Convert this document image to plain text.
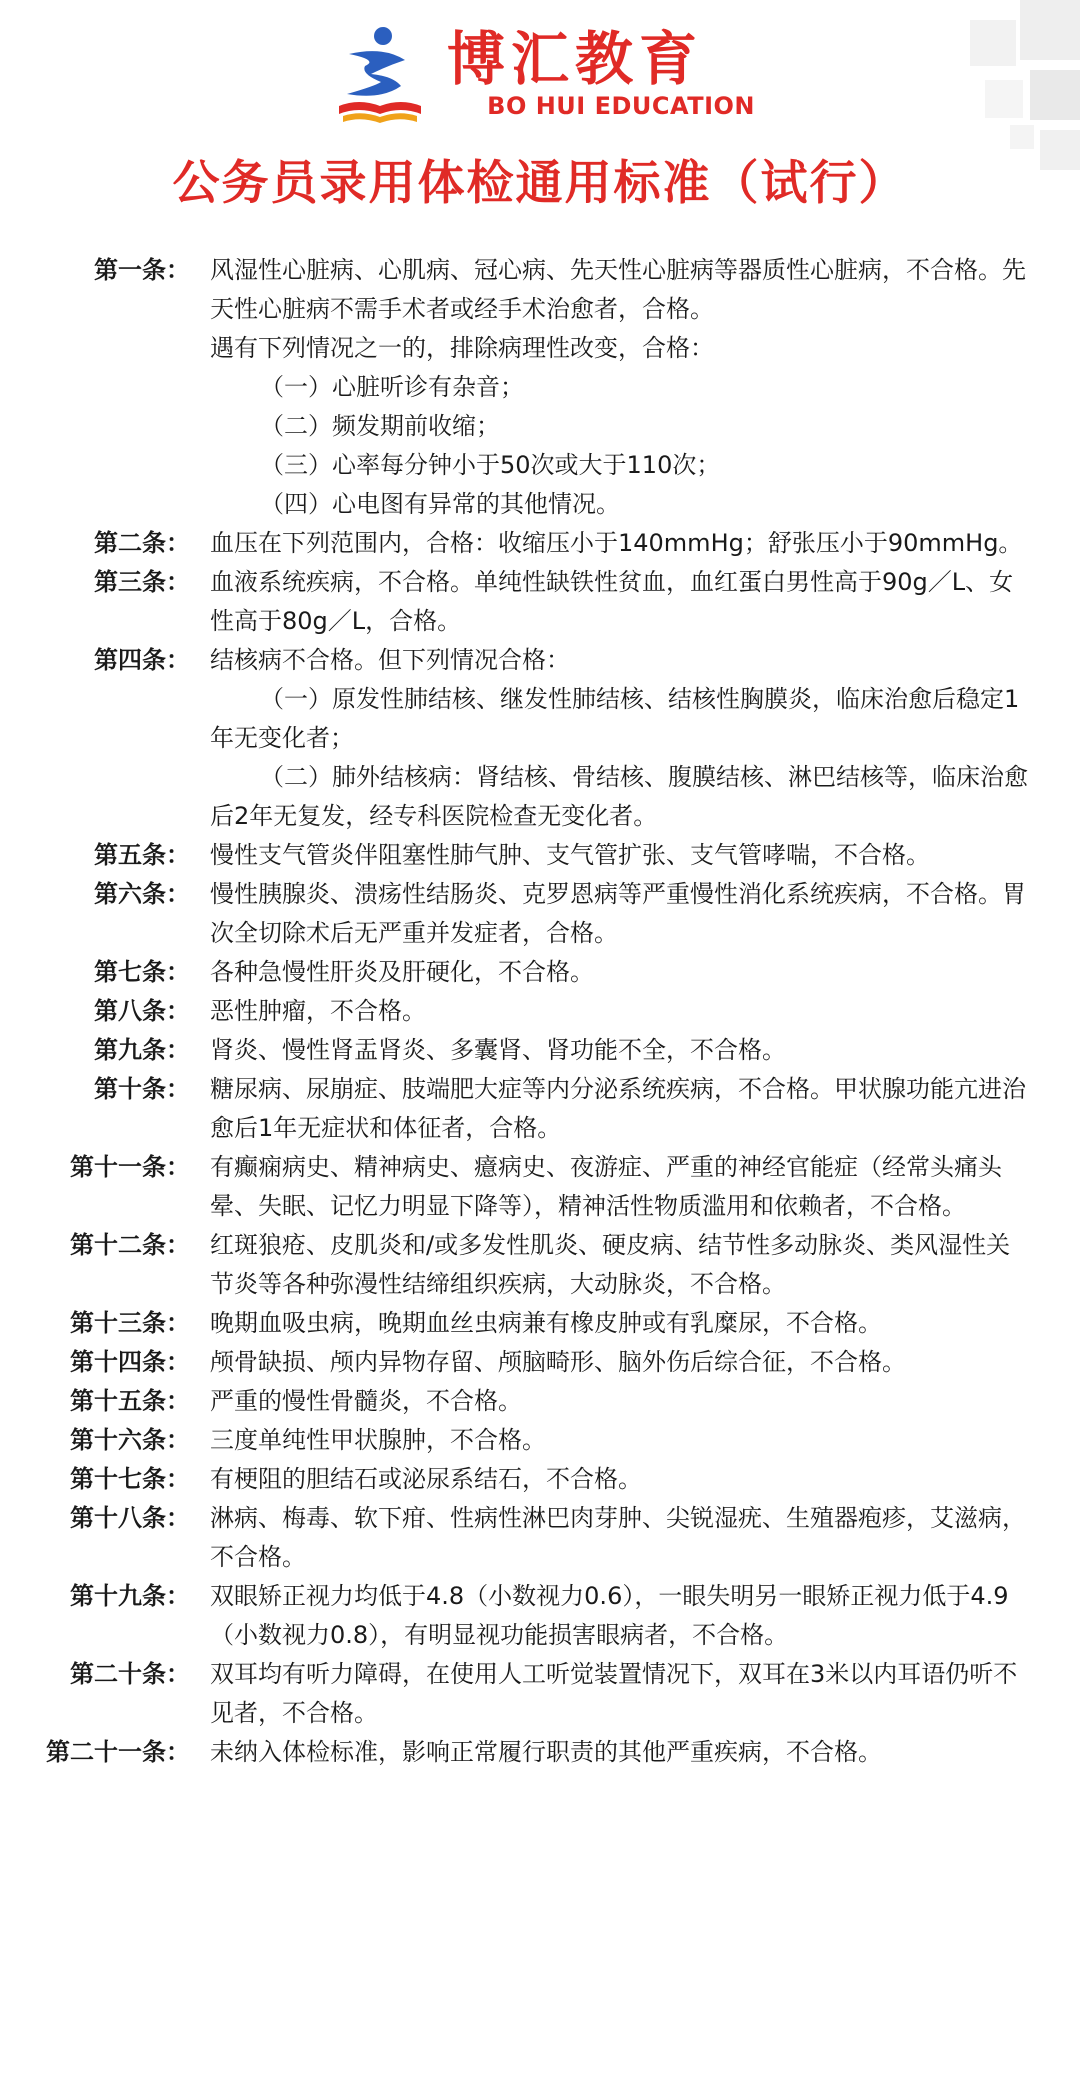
博汇教育
BO HUI EDUCATION
公务员录用体检通用标准（试行）
第一条： 风湿性心脏病、心肌病、冠心病、先天性心脏病等器质性心脏病，不合格。先天性心脏病不需手术者或经手术治愈者，合格。

遇有下列情况之一的，排除病理性改变，合格：

（一）心脏听诊有杂音；

（二）频发期前收缩；

（三）心率每分钟小于50次或大于110次；

（四）心电图有异常的其他情况。

第二条： 血压在下列范围内，合格：收缩压小于140mmHg；舒张压小于90mmHg。

第三条： 血液系统疾病，不合格。单纯性缺铁性贫血，血红蛋白男性高于90g／L、女性高于80g／L，合格。

第四条： 结核病不合格。但下列情况合格：

（一）原发性肺结核、继发性肺结核、结核性胸膜炎，临床治愈后稳定1年无变化者；

（二）肺外结核病：肾结核、骨结核、腹膜结核、淋巴结核等，临床治愈后2年无复发，经专科医院检查无变化者。

第五条： 慢性支气管炎伴阻塞性肺气肿、支气管扩张、支气管哮喘，不合格。

第六条： 慢性胰腺炎、溃疡性结肠炎、克罗恩病等严重慢性消化系统疾病，不合格。胃次全切除术后无严重并发症者，合格。

第七条： 各种急慢性肝炎及肝硬化，不合格。

第八条： 恶性肿瘤，不合格。

第九条： 肾炎、慢性肾盂肾炎、多囊肾、肾功能不全，不合格。

第十条： 糖尿病、尿崩症、肢端肥大症等内分泌系统疾病，不合格。甲状腺功能亢进治愈后1年无症状和体征者，合格。

第十一条： 有癫痫病史、精神病史、癔病史、夜游症、严重的神经官能症（经常头痛头晕、失眠、记忆力明显下降等），精神活性物质滥用和依赖者，不合格。

第十二条： 红斑狼疮、皮肌炎和/或多发性肌炎、硬皮病、结节性多动脉炎、类风湿性关节炎等各种弥漫性结缔组织疾病，大动脉炎，不合格。

第十三条： 晚期血吸虫病，晚期血丝虫病兼有橡皮肿或有乳糜尿，不合格。

第十四条： 颅骨缺损、颅内异物存留、颅脑畸形、脑外伤后综合征，不合格。

第十五条： 严重的慢性骨髓炎，不合格。

第十六条： 三度单纯性甲状腺肿，不合格。

第十七条： 有梗阻的胆结石或泌尿系结石，不合格。

第十八条： 淋病、梅毒、软下疳、性病性淋巴肉芽肿、尖锐湿疣、生殖器疱疹，艾滋病，不合格。

第十九条： 双眼矫正视力均低于4.8（小数视力0.6），一眼失明另一眼矫正视力低于4.9（小数视力0.8），有明显视功能损害眼病者，不合格。

第二十条： 双耳均有听力障碍，在使用人工听觉装置情况下，双耳在3米以内耳语仍听不见者，不合格。

第二十一条： 未纳入体检标准，影响正常履行职责的其他严重疾病，不合格。
